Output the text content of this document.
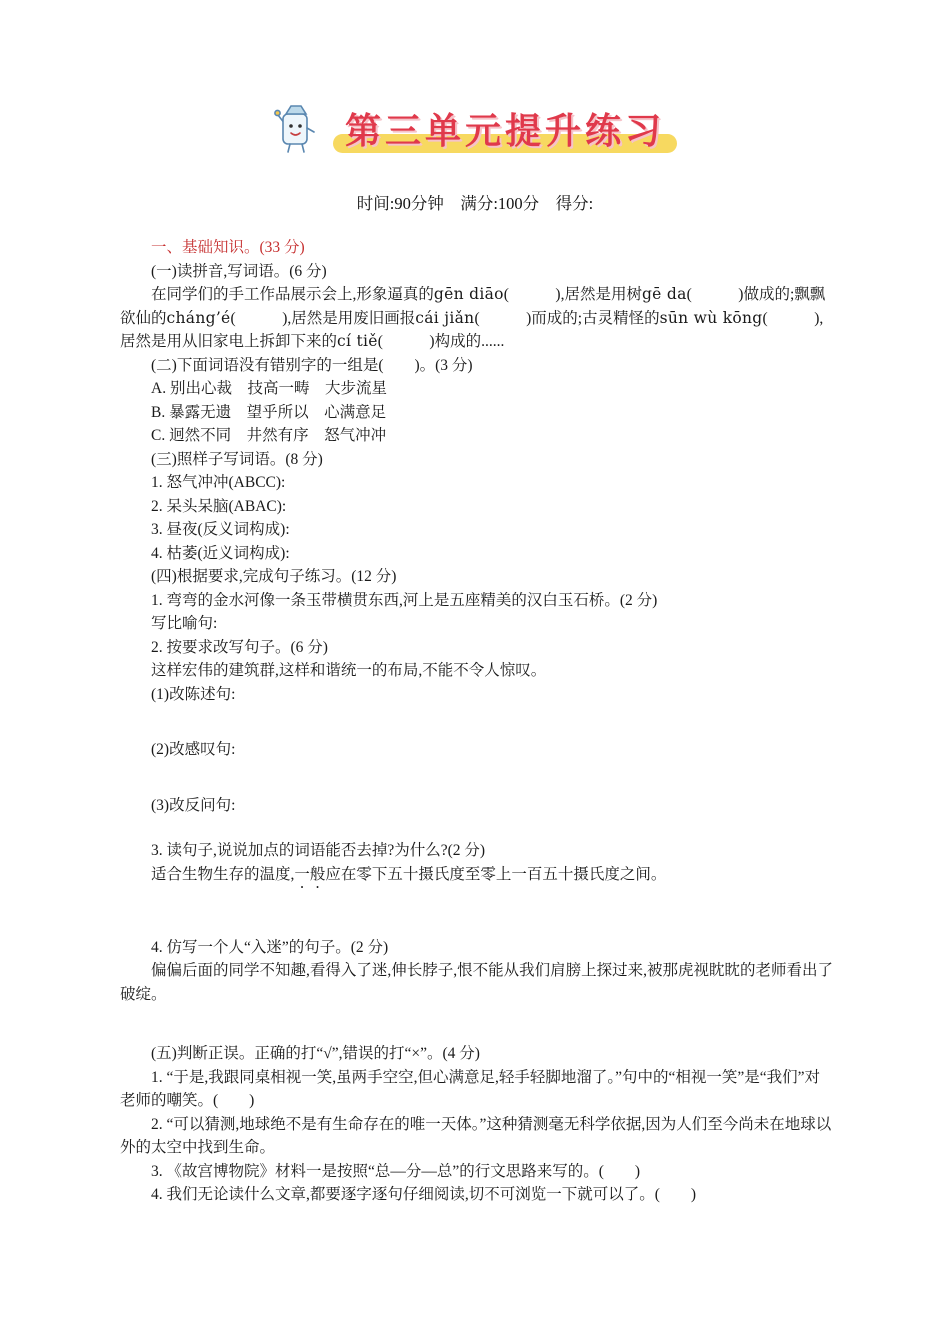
第三单元提升练习
时间:90分钟　满分:100分　得分:

一、基础知识。(33 分)

(一)读拼音,写词语。(6 分)

在同学们的手工作品展示会上,形象逼真的gēn diāo(　　　),居然是用树gē da(　　　)做成的;飘飘欲仙的cháng’é(　　　),居然是用废旧画报cái jiǎn(　　　)而成的;古灵精怪的sūn wù kōng(　　　),居然是用从旧家电上拆卸下来的cí tiě(　　　)构成的......

(二)下面词语没有错别字的一组是(　　)。(3 分)

A. 别出心裁　技高一畴　大步流星

B. 暴露无遗　望乎所以　心满意足

C. 迥然不同　井然有序　怒气冲冲

(三)照样子写词语。(8 分)

1. 怒气冲冲(ABCC):

2. 呆头呆脑(ABAC):

3. 昼夜(反义词构成):

4. 枯萎(近义词构成):

(四)根据要求,完成句子练习。(12 分)

1. 弯弯的金水河像一条玉带横贯东西,河上是五座精美的汉白玉石桥。(2 分)

写比喻句:

2. 按要求改写句子。(6 分)

这样宏伟的建筑群,这样和谐统一的布局,不能不令人惊叹。

(1)改陈述句:

(2)改感叹句:

(3)改反问句:

3. 读句子,说说加点的词语能否去掉?为什么?(2 分)

适合生物生存的温度,一般应在零下五十摄氏度至零上一百五十摄氏度之间。

4. 仿写一个人“入迷”的句子。(2 分)

偏偏后面的同学不知趣,看得入了迷,伸长脖子,恨不能从我们肩膀上探过来,被那虎视眈眈的老师看出了破绽。

(五)判断正误。正确的打“√”,错误的打“×”。(4 分)

1. “于是,我跟同桌相视一笑,虽两手空空,但心满意足,轻手轻脚地溜了。”句中的“相视一笑”是“我们”对老师的嘲笑。(　　)

2. “可以猜测,地球绝不是有生命存在的唯一天体。”这种猜测毫无科学依据,因为人们至今尚未在地球以外的太空中找到生命。

3. 《故宫博物院》材料一是按照“总—分—总”的行文思路来写的。(　　)

4. 我们无论读什么文章,都要逐字逐句仔细阅读,切不可浏览一下就可以了。(　　)
